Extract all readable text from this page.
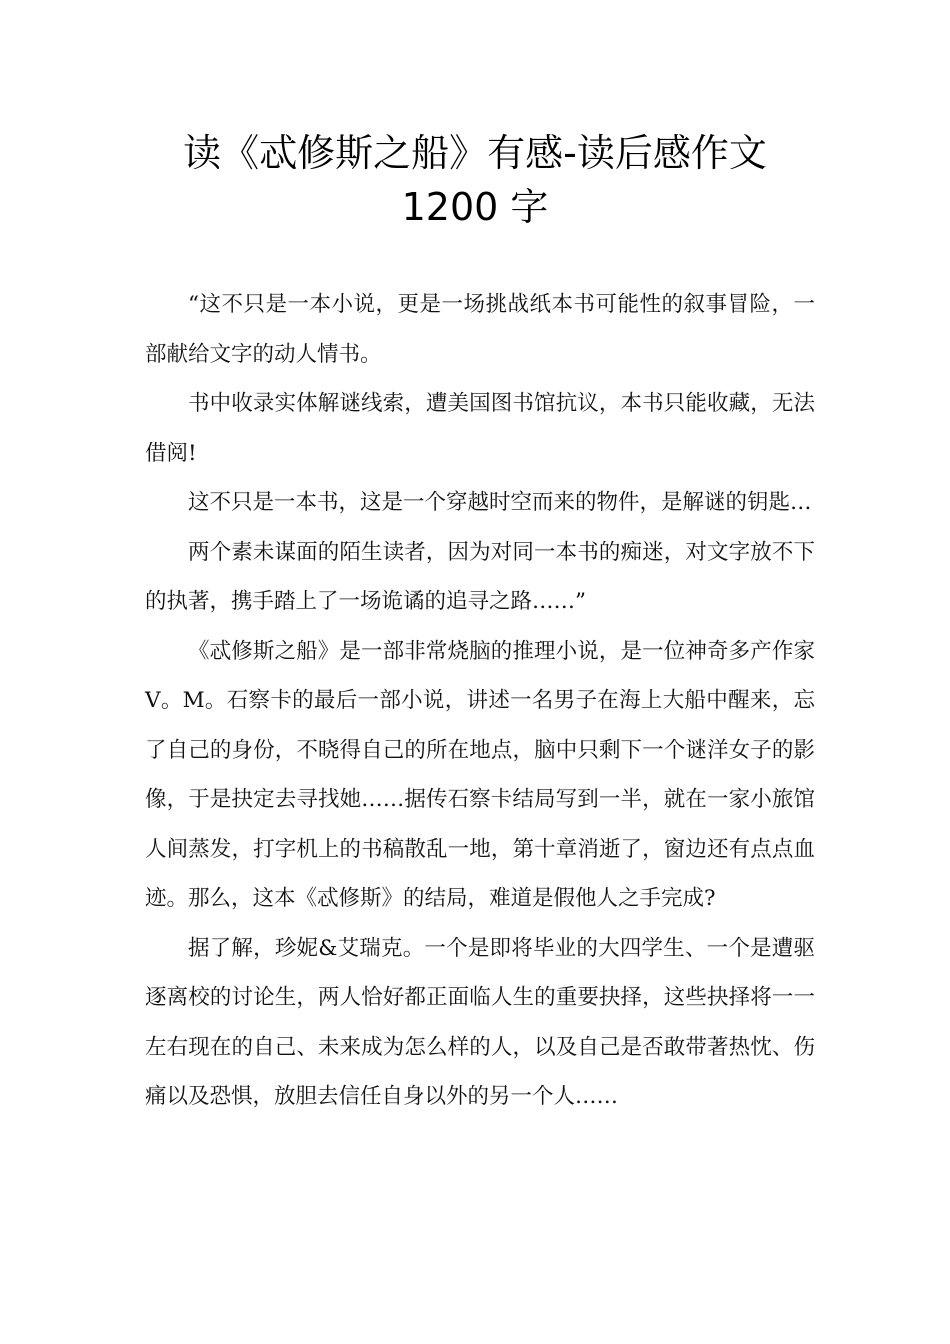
读《忒修斯之船》有感-读后感作文
1200 字

“这不只是一本小说，更是一场挑战纸本书可能性的叙事冒险，一部献给文字的动人情书。

书中收录实体解谜线索，遭美国图书馆抗议，本书只能收藏，无法借阅!

这不只是一本书，这是一个穿越时空而来的物件，是解谜的钥匙…

两个素未谋面的陌生读者，因为对同一本书的痴迷，对文字放不下的执著，携手踏上了一场诡谲的追寻之路……”

《忒修斯之船》是一部非常烧脑的推理小说，是一位神奇多产作家 V。M。石察卡的最后一部小说，讲述一名男子在海上大船中醒来，忘了自己的身份，不晓得自己的所在地点，脑中只剩下一个谜洋女子的影像，于是抉定去寻找她……据传石察卡结局写到一半，就在一家小旅馆人间蒸发，打字机上的书稿散乱一地，第十章消逝了，窗边还有点点血迹。那么，这本《忒修斯》的结局，难道是假他人之手完成?

据了解，珍妮&艾瑞克。一个是即将毕业的大四学生、一个是遭驱逐离校的讨论生，两人恰好都正面临人生的重要抉择，这些抉择将一一左右现在的自己、未来成为怎么样的人，以及自己是否敢带著热忱、伤痛以及恐惧，放胆去信任自身以外的另一个人……
